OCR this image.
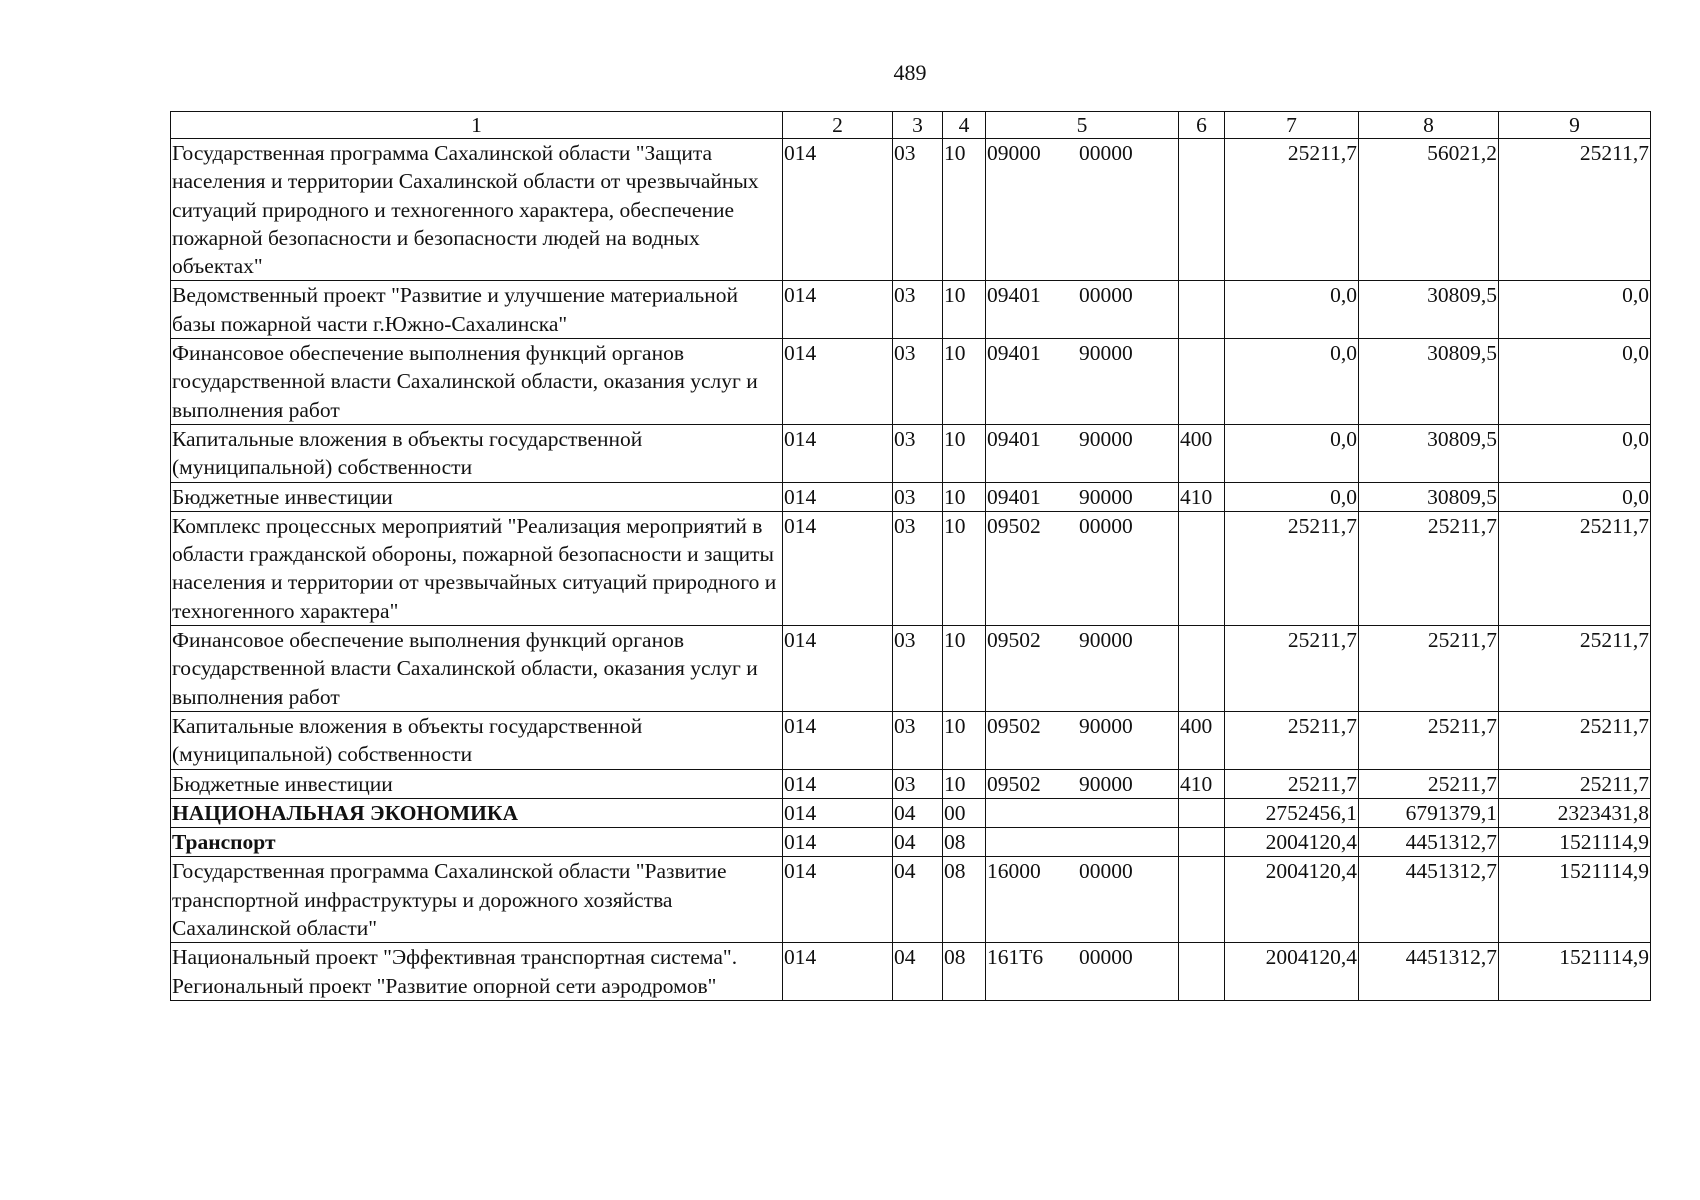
489
1	2	3	4	5	6	7	8	9
Государственная программа Сахалинской области "Защита населения и территории Сахалинской области от чрезвычайных ситуаций природного и техногенного характера, обеспечение пожарной безопасности и безопасности людей на водных объектах"	014	03	10	09000 00000		25211,7	56021,2	25211,7
Ведомственный проект "Развитие и улучшение материальной базы пожарной части г.Южно-Сахалинска"	014	03	10	09401 00000		0,0	30809,5	0,0
Финансовое обеспечение выполнения функций органов государственной власти Сахалинской области, оказания услуг и выполнения работ	014	03	10	09401 90000		0,0	30809,5	0,0
Капитальные вложения в объекты государственной (муниципальной) собственности	014	03	10	09401 90000	400	0,0	30809,5	0,0
Бюджетные инвестиции	014	03	10	09401 90000	410	0,0	30809,5	0,0
Комплекс процессных мероприятий "Реализация мероприятий в области гражданской обороны, пожарной безопасности и защиты населения и территории от чрезвычайных ситуаций природного и техногенного характера"	014	03	10	09502 00000		25211,7	25211,7	25211,7
Финансовое обеспечение выполнения функций органов государственной власти Сахалинской области, оказания услуг и выполнения работ	014	03	10	09502 90000		25211,7	25211,7	25211,7
Капитальные вложения в объекты государственной (муниципальной) собственности	014	03	10	09502 90000	400	25211,7	25211,7	25211,7
Бюджетные инвестиции	014	03	10	09502 90000	410	25211,7	25211,7	25211,7
НАЦИОНАЛЬНАЯ ЭКОНОМИКА	014	04	00			2752456,1	6791379,1	2323431,8
Транспорт	014	04	08			2004120,4	4451312,7	1521114,9
Государственная программа Сахалинской области "Развитие транспортной инфраструктуры и дорожного хозяйства Сахалинской области"	014	04	08	16000 00000		2004120,4	4451312,7	1521114,9
Национальный проект "Эффективная транспортная система". Региональный проект "Развитие опорной сети аэродромов"	014	04	08	161Т6 00000		2004120,4	4451312,7	1521114,9
